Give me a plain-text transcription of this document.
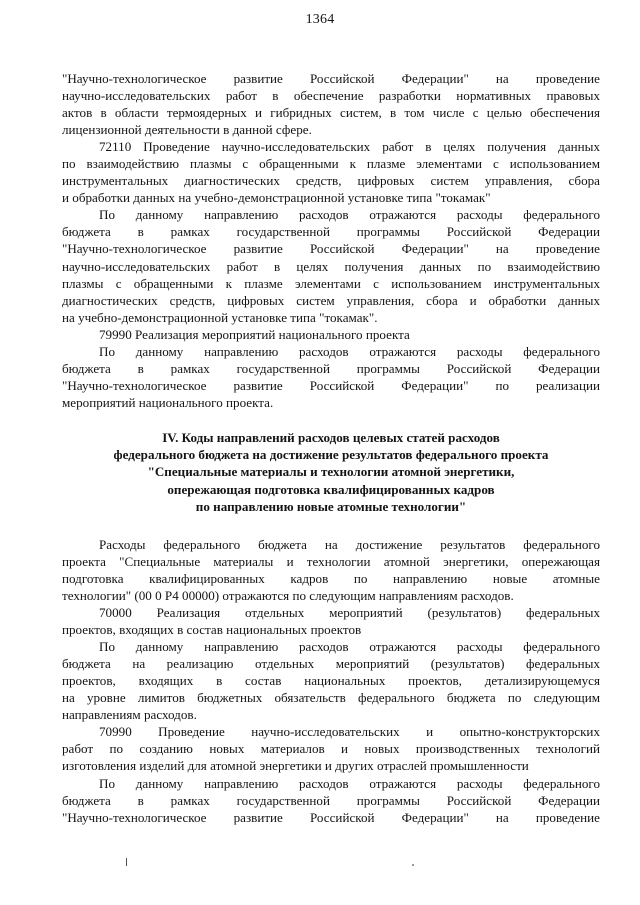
1364
"Научно-технологическое развитие Российской Федерации" на проведение
научно-исследовательских работ в обеспечение разработки нормативных правовых
актов в области термоядерных и гибридных систем, в том числе с целью обеспечения
лицензионной деятельности в данной сфере.
72110 Проведение научно-исследовательских работ в целях получения данных
по взаимодействию плазмы с обращенными к плазме элементами с использованием
инструментальных диагностических средств, цифровых систем управления, сбора
и обработки данных на учебно-демонстрационной установке типа "токамак"
По данному направлению расходов отражаются расходы федерального
бюджета в рамках государственной программы Российской Федерации
"Научно-технологическое развитие Российской Федерации" на проведение
научно-исследовательских работ в целях получения данных по взаимодействию
плазмы с обращенными к плазме элементами с использованием инструментальных
диагностических средств, цифровых систем управления, сбора и обработки данных
на учебно-демонстрационной установке типа "токамак".
79990 Реализация мероприятий национального проекта
По данному направлению расходов отражаются расходы федерального
бюджета в рамках государственной программы Российской Федерации
"Научно-технологическое развитие Российской Федерации" по реализации
мероприятий национального проекта.
IV. Коды направлений расходов целевых статей расходов
федерального бюджета на достижение результатов федерального проекта
"Специальные материалы и технологии атомной энергетики,
опережающая подготовка квалифицированных кадров
по направлению новые атомные технологии"
Расходы федерального бюджета на достижение результатов федерального
проекта "Специальные материалы и технологии атомной энергетики, опережающая
подготовка квалифицированных кадров по направлению новые атомные
технологии" (00 0 Р4 00000) отражаются по следующим направлениям расходов.
70000 Реализация отдельных мероприятий (результатов) федеральных
проектов, входящих в состав национальных проектов
По данному направлению расходов отражаются расходы федерального
бюджета на реализацию отдельных мероприятий (результатов) федеральных
проектов, входящих в состав национальных проектов, детализирующемуся
на уровне лимитов бюджетных обязательств федерального бюджета по следующим
направлениям расходов.
70990 Проведение научно-исследовательских и опытно-конструкторских
работ по созданию новых материалов и новых производственных технологий
изготовления изделий для атомной энергетики и других отраслей промышленности
По данному направлению расходов отражаются расходы федерального
бюджета в рамках государственной программы Российской Федерации
"Научно-технологическое развитие Российской Федерации" на проведение
